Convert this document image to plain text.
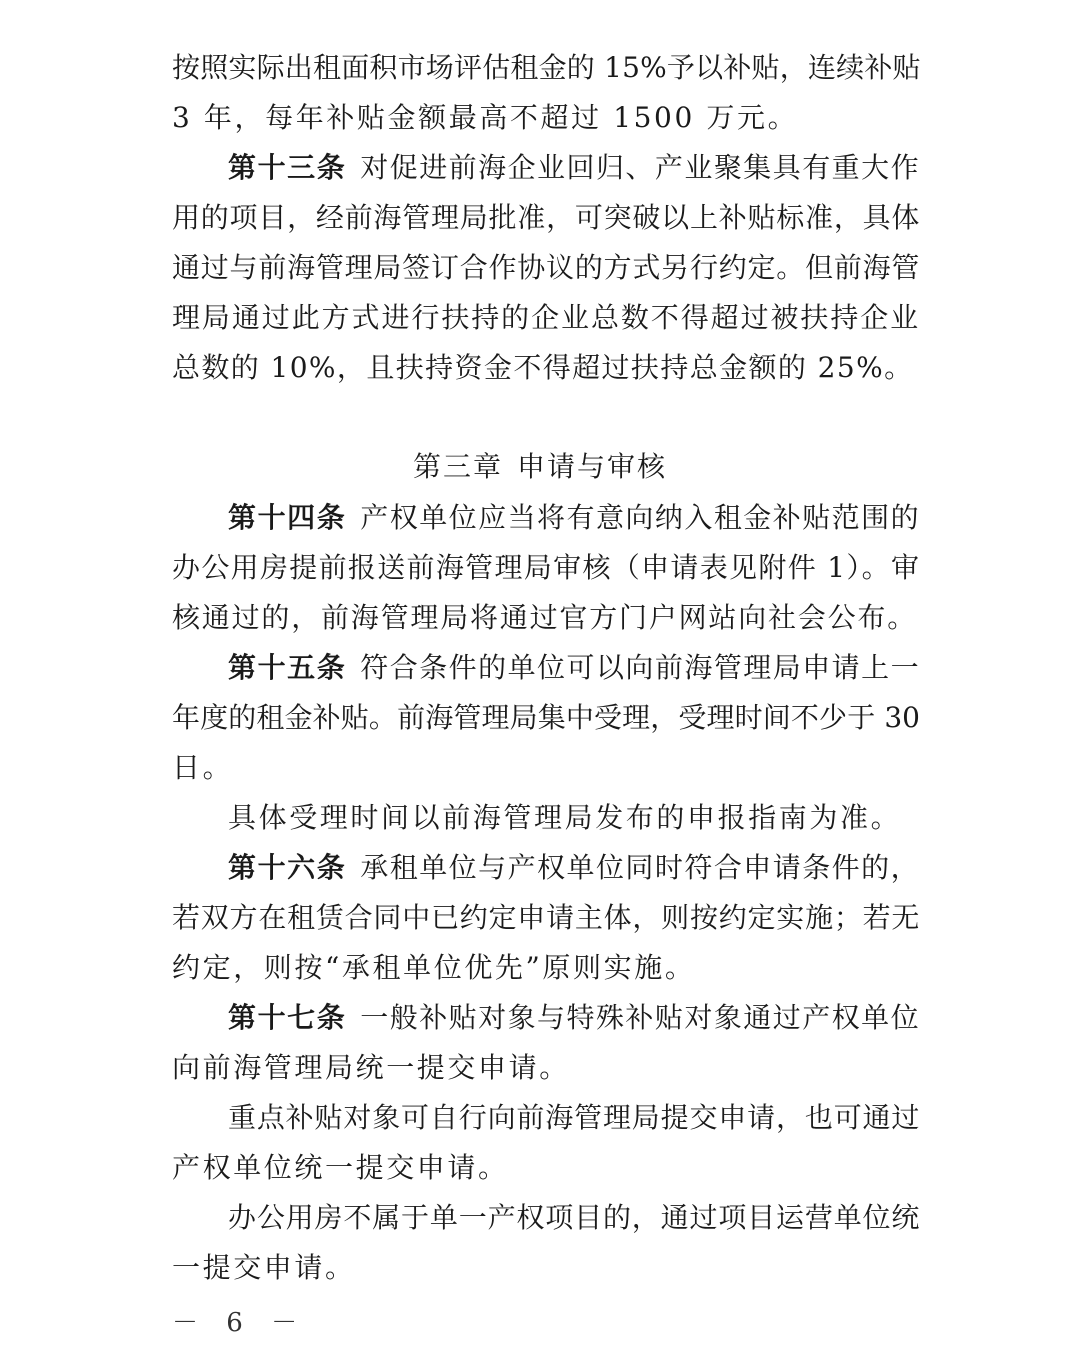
按照实际出租面积市场评估租金的 15%予以补贴，连续补贴
3 年，每年补贴金额最高不超过 1500 万元。
第十三条 对促进前海企业回归、产业聚集具有重大作
用的项目，经前海管理局批准，可突破以上补贴标准，具体
通过与前海管理局签订合作协议的方式另行约定。但前海管
理局通过此方式进行扶持的企业总数不得超过被扶持企业
总数的 10%，且扶持资金不得超过扶持总金额的 25%。
第三章 申请与审核
第十四条 产权单位应当将有意向纳入租金补贴范围的
办公用房提前报送前海管理局审核（申请表见附件 1）。审
核通过的，前海管理局将通过官方门户网站向社会公布。
第十五条 符合条件的单位可以向前海管理局申请上一
年度的租金补贴。前海管理局集中受理，受理时间不少于 30
日。
具体受理时间以前海管理局发布的申报指南为准。
第十六条 承租单位与产权单位同时符合申请条件的，
若双方在租赁合同中已约定申请主体，则按约定实施；若无
约定，则按“承租单位优先”原则实施。
第十七条 一般补贴对象与特殊补贴对象通过产权单位
向前海管理局统一提交申请。
重点补贴对象可自行向前海管理局提交申请，也可通过
产权单位统一提交申请。
办公用房不属于单一产权项目的，通过项目运营单位统
一提交申请。
－ 6 －
